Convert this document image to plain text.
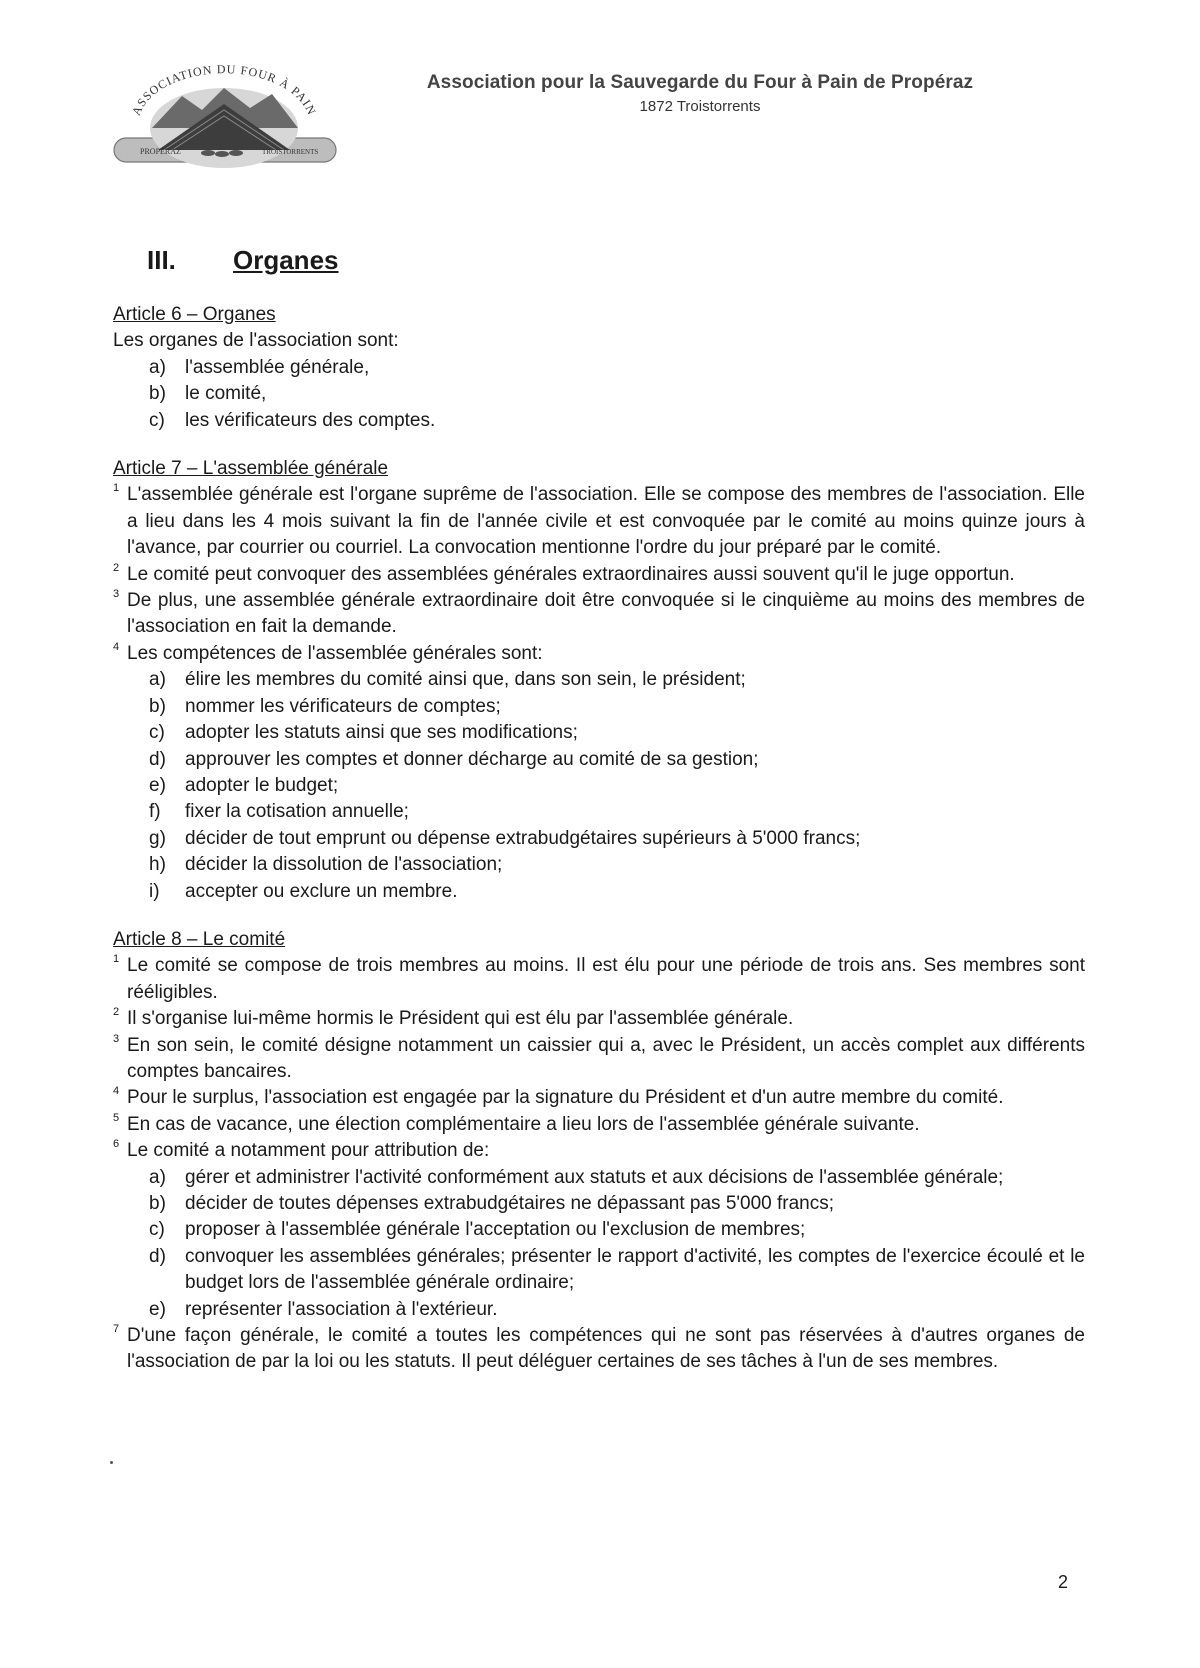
ASSOCIATION DU FOUR À PAIN
PROPÉRAZ	TROISTORRENTS
Association pour la Sauvegarde du Four à Pain de Propéraz
1872 Troistorrents
III. Organes
Article 6 – Organes
Les organes de l'association sont:
a) l'assemblée générale,
b) le comité,
c) les vérificateurs des comptes.
Article 7 – L'assemblée générale
1 L'assemblée générale est l'organe suprême de l'association. Elle se compose des membres de l'association. Elle a lieu dans les 4 mois suivant la fin de l'année civile et est convoquée par le comité au moins quinze jours à l'avance, par courrier ou courriel. La convocation mentionne l'ordre du jour préparé par le comité.
2 Le comité peut convoquer des assemblées générales extraordinaires aussi souvent qu'il le juge opportun.
3 De plus, une assemblée générale extraordinaire doit être convoquée si le cinquième au moins des membres de l'association en fait la demande.
4 Les compétences de l'assemblée générales sont:
a) élire les membres du comité ainsi que, dans son sein, le président;
b) nommer les vérificateurs de comptes;
c) adopter les statuts ainsi que ses modifications;
d) approuver les comptes et donner décharge au comité de sa gestion;
e) adopter le budget;
f) fixer la cotisation annuelle;
g) décider de tout emprunt ou dépense extrabudgétaires supérieurs à 5'000 francs;
h) décider la dissolution de l'association;
i) accepter ou exclure un membre.
Article 8 – Le comité
1 Le comité se compose de trois membres au moins. Il est élu pour une période de trois ans. Ses membres sont rééligibles.
2 Il s'organise lui-même hormis le Président qui est élu par l'assemblée générale.
3 En son sein, le comité désigne notamment un caissier qui a, avec le Président, un accès complet aux différents comptes bancaires.
4 Pour le surplus, l'association est engagée par la signature du Président et d'un autre membre du comité.
5 En cas de vacance, une élection complémentaire a lieu lors de l'assemblée générale suivante.
6 Le comité a notamment pour attribution de:
a) gérer et administrer l'activité conformément aux statuts et aux décisions de l'assemblée générale;
b) décider de toutes dépenses extrabudgétaires ne dépassant pas 5'000 francs;
c) proposer à l'assemblée générale l'acceptation ou l'exclusion de membres;
d) convoquer les assemblées générales; présenter le rapport d'activité, les comptes de l'exercice écoulé et le budget lors de l'assemblée générale ordinaire;
e) représenter l'association à l'extérieur.
7 D'une façon générale, le comité a toutes les compétences qui ne sont pas réservées à d'autres organes de l'association de par la loi ou les statuts. Il peut déléguer certaines de ses tâches à l'un de ses membres.
2
